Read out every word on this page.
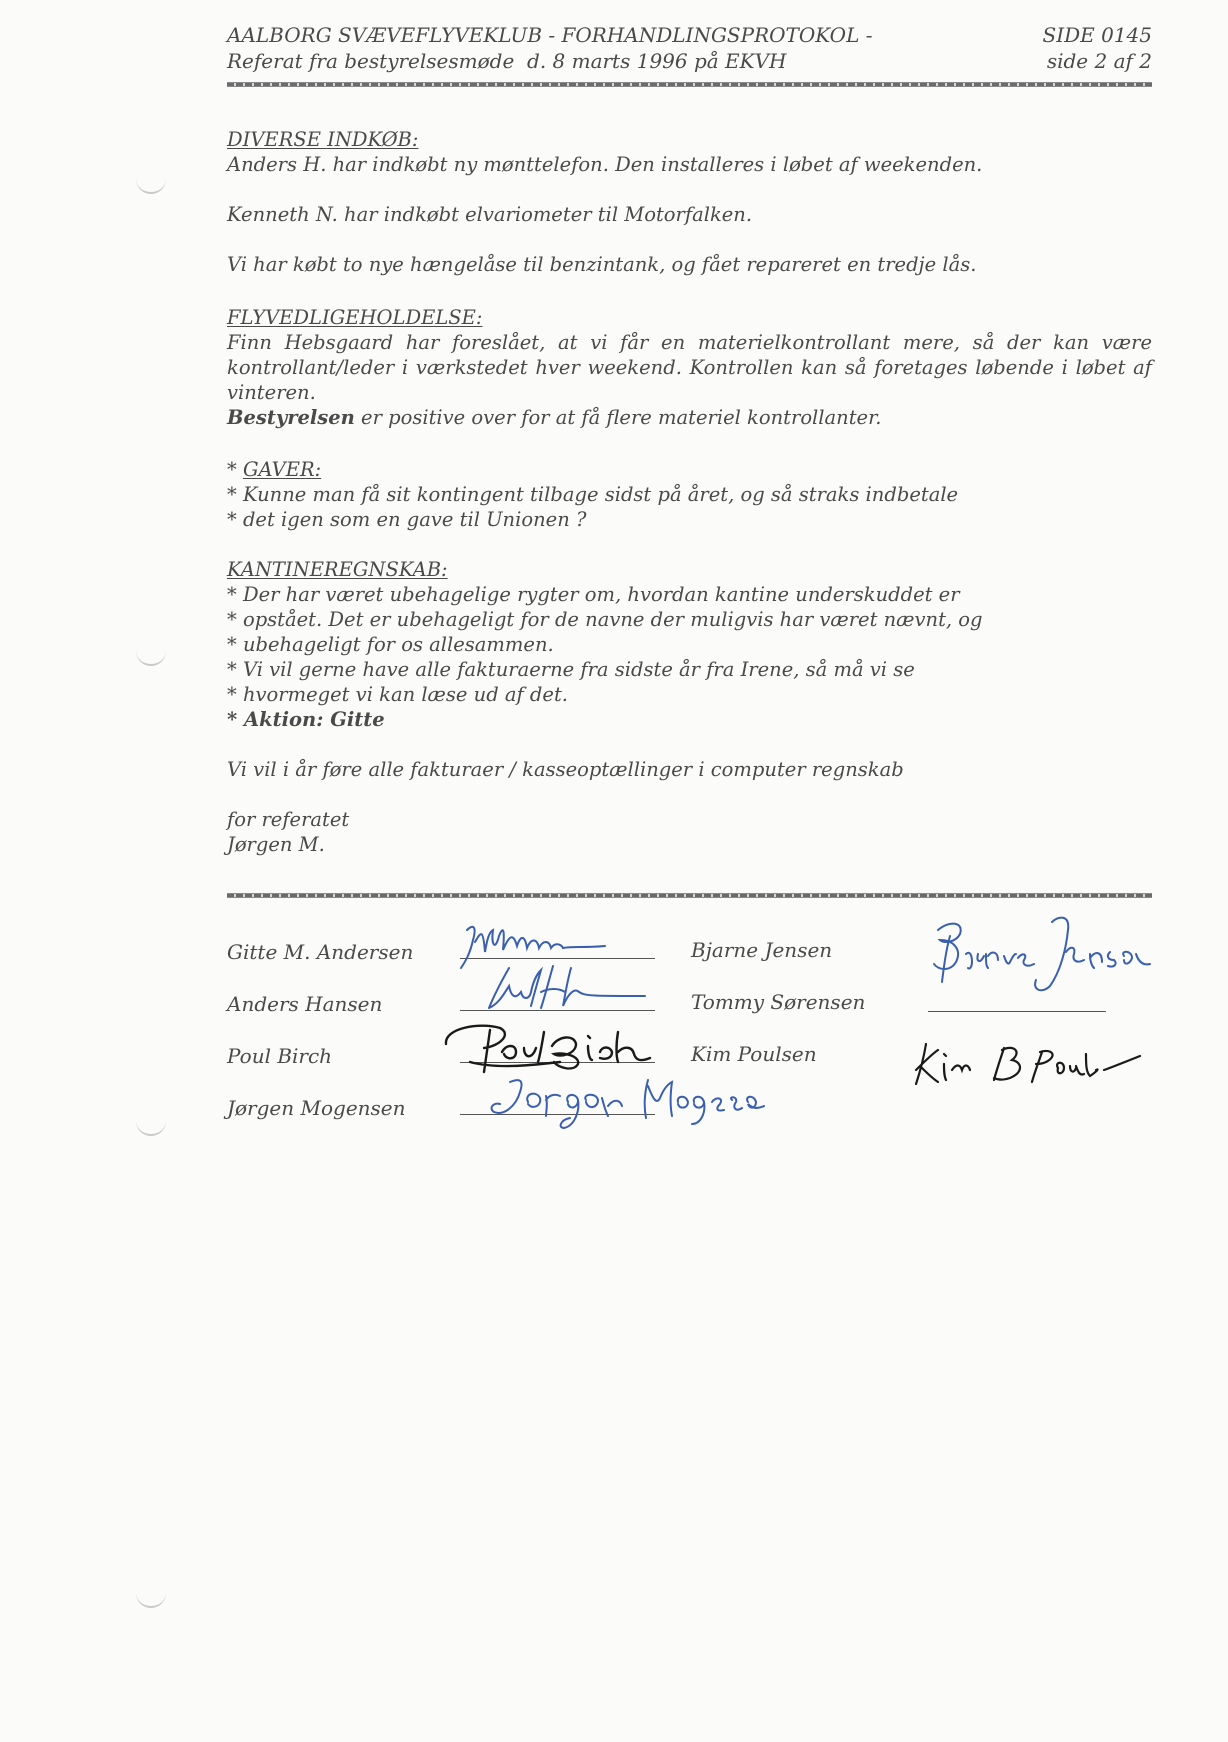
AALBORG SVÆVEFLYVEKLUB - FORHANDLINGSPROTOKOL -	SIDE 0145
Referat fra bestyrelsesmøde  d. 8 marts 1996 på EKVH	side 2 af 2
DIVERSE INDKØB:
Anders H. har indkøbt ny mønttelefon. Den installeres i løbet af weekenden.
Kenneth N. har indkøbt elvariometer til Motorfalken.
Vi har købt to nye hængelåse til benzintank, og fået repareret en tredje lås.
FLYVEDLIGEHOLDELSE:
Finn Hebsgaard har foreslået, at vi får en materielkontrollant mere, så der kan være kontrollant/leder i værkstedet hver weekend. Kontrollen kan så foretages løbende i løbet af vinteren.
Bestyrelsen er positive over for at få flere materiel kontrollanter.
* GAVER:
* Kunne man få sit kontingent tilbage sidst på året, og så straks indbetale
* det igen som en gave til Unionen ?
KANTINEREGNSKAB:
* Der har været ubehagelige rygter om, hvordan kantine underskuddet er
* opstået. Det er ubehageligt for de navne der muligvis har været nævnt, og
* ubehageligt for os allesammen.
* Vi vil gerne have alle fakturaerne fra sidste år fra Irene, så må vi se
* hvormeget vi kan læse ud af det.
* Aktion: Gitte
Vi vil i år føre alle fakturaer / kasseoptællinger i computer regnskab
for referatet
Jørgen M.
Gitte M. Andersen
Anders Hansen
Poul Birch
Jørgen Mogensen
Bjarne Jensen
Tommy Sørensen
Kim Poulsen
